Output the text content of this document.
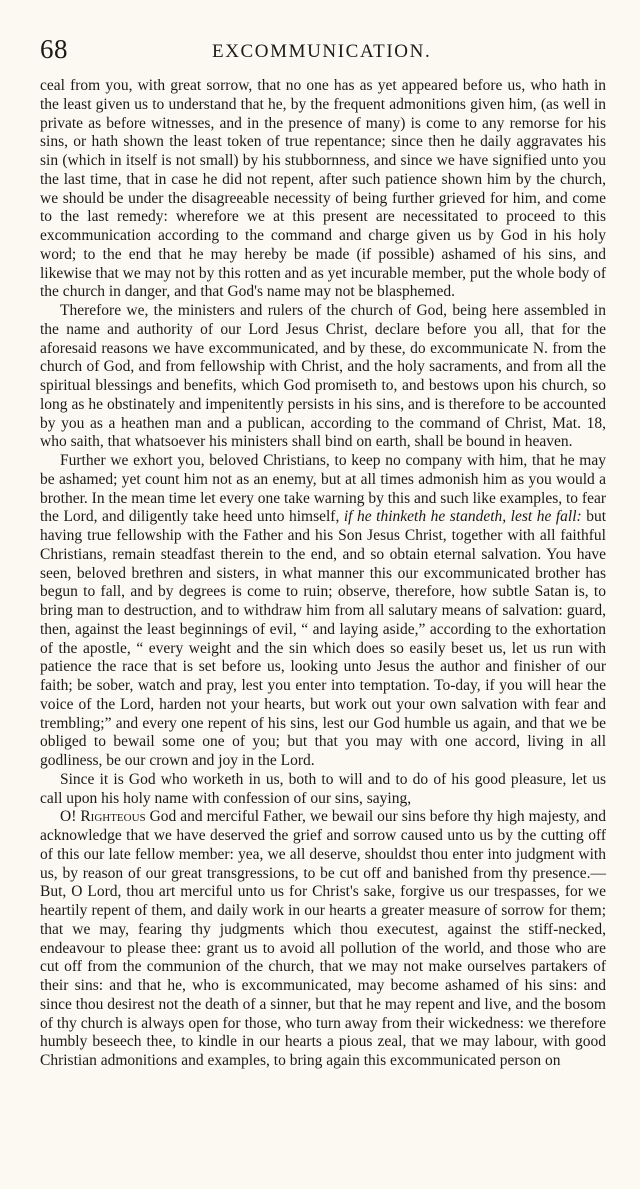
68	EXCOMMUNICATION.

ceal from you, with great sorrow, that no one has as yet appeared before us, who hath in the least given us to understand that he, by the frequent admonitions given him, (as well in private as before witnesses, and in the presence of many) is come to any remorse for his sins, or hath shown the least token of true repentance; since then he daily aggravates his sin (which in itself is not small) by his stubbornness, and since we have signified unto you the last time, that in case he did not repent, after such patience shown him by the church, we should be under the disagreeable necessity of being further grieved for him, and come to the last remedy: wherefore we at this present are necessitated to proceed to this excommunication according to the command and charge given us by God in his holy word; to the end that he may hereby be made (if possible) ashamed of his sins, and likewise that we may not by this rotten and as yet incurable member, put the whole body of the church in danger, and that God's name may not be blasphemed.

Therefore we, the ministers and rulers of the church of God, being here assembled in the name and authority of our Lord Jesus Christ, declare before you all, that for the aforesaid reasons we have excommunicated, and by these, do excommunicate N. from the church of God, and from fellowship with Christ, and the holy sacraments, and from all the spiritual blessings and benefits, which God promiseth to, and bestows upon his church, so long as he obstinately and impenitently persists in his sins, and is therefore to be accounted by you as a heathen man and a publican, according to the command of Christ, Mat. 18, who saith, that whatsoever his ministers shall bind on earth, shall be bound in heaven.

Further we exhort you, beloved Christians, to keep no company with him, that he may be ashamed; yet count him not as an enemy, but at all times admonish him as you would a brother. In the mean time let every one take warning by this and such like examples, to fear the Lord, and diligently take heed unto himself, if he thinketh he standeth, lest he fall: but having true fellowship with the Father and his Son Jesus Christ, together with all faithful Christians, remain steadfast therein to the end, and so obtain eternal salvation. You have seen, beloved brethren and sisters, in what manner this our excommunicated brother has begun to fall, and by degrees is come to ruin; observe, therefore, how subtle Satan is, to bring man to destruction, and to withdraw him from all salutary means of salvation: guard, then, against the least beginnings of evil, “ and laying aside,” according to the exhortation of the apostle, “ every weight and the sin which does so easily beset us, let us run with patience the race that is set before us, looking unto Jesus the author and finisher of our faith; be sober, watch and pray, lest you enter into temptation. To-day, if you will hear the voice of the Lord, harden not your hearts, but work out your own salvation with fear and trembling;” and every one repent of his sins, lest our God humble us again, and that we be obliged to bewail some one of you; but that you may with one accord, living in all godliness, be our crown and joy in the Lord.

Since it is God who worketh in us, both to will and to do of his good pleasure, let us call upon his holy name with confession of our sins, saying,

O! Righteous God and merciful Father, we bewail our sins before thy high majesty, and acknowledge that we have deserved the grief and sorrow caused unto us by the cutting off of this our late fellow member: yea, we all deserve, shouldst thou enter into judgment with us, by reason of our great transgressions, to be cut off and banished from thy presence.—But, O Lord, thou art merciful unto us for Christ's sake, forgive us our trespasses, for we heartily repent of them, and daily work in our hearts a greater measure of sorrow for them; that we may, fearing thy judgments which thou executest, against the stiff-necked, endeavour to please thee: grant us to avoid all pollution of the world, and those who are cut off from the communion of the church, that we may not make ourselves partakers of their sins: and that he, who is excommunicated, may become ashamed of his sins: and since thou desirest not the death of a sinner, but that he may repent and live, and the bosom of thy church is always open for those, who turn away from their wickedness: we therefore humbly beseech thee, to kindle in our hearts a pious zeal, that we may labour, with good Christian admonitions and examples, to bring again this excommunicated person on
